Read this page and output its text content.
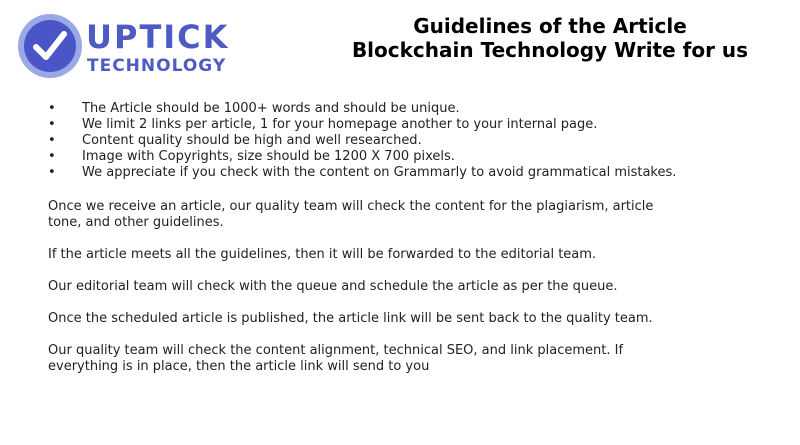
UPTICK
TECHNOLOGY
Guidelines of the Article
Blockchain Technology Write for us
• The Article should be 1000+ words and should be unique.
• We limit 2 links per article, 1 for your homepage another to your internal page.
• Content quality should be high and well researched.
• Image with Copyrights, size should be 1200 X 700 pixels.
• We appreciate if you check with the content on Grammarly to avoid grammatical mistakes.

Once we receive an article, our quality team will check the content for the plagiarism, article tone, and other guidelines.

If the article meets all the guidelines, then it will be forwarded to the editorial team.

Our editorial team will check with the queue and schedule the article as per the queue.

Once the scheduled article is published, the article link will be sent back to the quality team.

Our quality team will check the content alignment, technical SEO, and link placement. If everything is in place, then the article link will send to you
